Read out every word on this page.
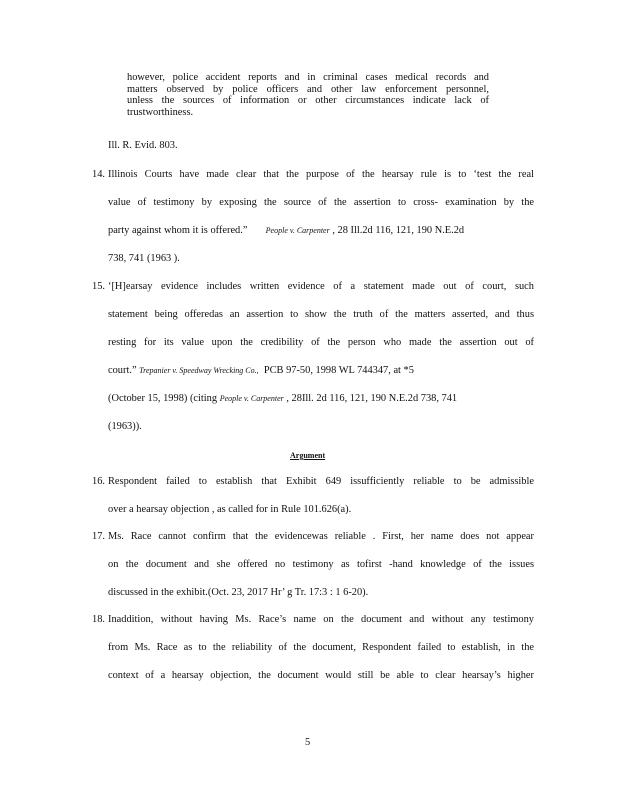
however, police accident reports and in criminal cases medical records and
matters observed by police officers and other law enforcement personnel,
unless the sources of information or other circumstances indicate lack of
trustworthiness.
Ill. R. Evid. 803.
14. Illinois Courts have made clear that the purpose of the hearsay rule is to ‘test the real
value of testimony by exposing the source of the assertion to cross- examination by the
party against whom it is offered.” People v. Carpenter , 28 Ill.2d 116, 121, 190 N.E.2d
738, 741 (1963 ).
15. ‘[H]earsay evidence includes written evidence of a statement made out of court, such
statement being offeredas an assertion to show the truth of the matters asserted, and thus
resting for its value upon the credibility of the person who made the assertion out of
court.” Trepanier v. Speedway Wrecking Co., PCB 97-50, 1998 WL 744347, at *5
(October 15, 1998) (citing People v. Carpenter , 28Ill. 2d 116, 121, 190 N.E.2d 738, 741
(1963)).
Argument
16. Respondent failed to establish that Exhibit 649 issufficiently reliable to be admissible
over a hearsay objection , as called for in Rule 101.626(a).
17. Ms. Race cannot confirm that the evidencewas reliable . First, her name does not appear
on the document and she offered no testimony as tofirst -hand knowledge of the issues
discussed in the exhibit.(Oct. 23, 2017 Hr’ g Tr. 17:3 : 1 6-20).
18. Inaddition, without having Ms. Race’s name on the document and without any testimony
from Ms. Race as to the reliability of the document, Respondent failed to establish, in the
context of a hearsay objection, the document would still be able to clear hearsay’s higher
5
